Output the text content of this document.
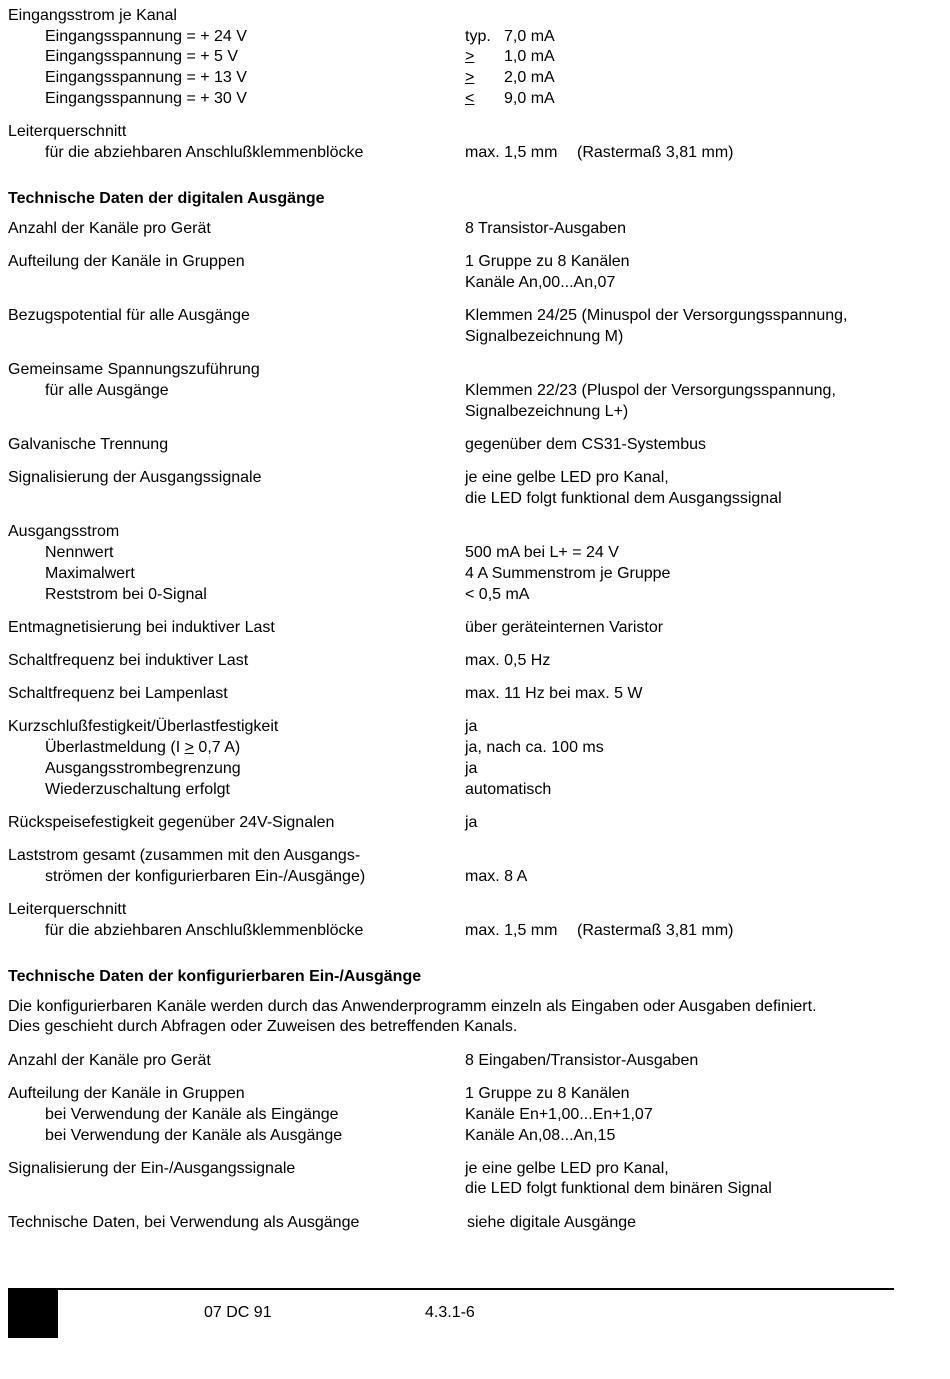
Eingangsstrom je Kanal
Eingangsspannung = + 24 V	typ. 7,0 mA
Eingangsspannung = + 5 V	> 1,0 mA
Eingangsspannung = + 13 V	> 2,0 mA
Eingangsspannung = + 30 V	< 9,0 mA
Leiterquerschnitt
für die abziehbaren Anschlußklemmenblöcke	max. 1,5 mm (Rastermaß 3,81 mm)
Technische Daten der digitalen Ausgänge
Anzahl der Kanäle pro Gerät	8 Transistor-Ausgaben
Aufteilung der Kanäle in Gruppen	1 Gruppe zu 8 Kanälen
Kanäle An,00...An,07
Bezugspotential für alle Ausgänge	Klemmen 24/25 (Minuspol der Versorgungsspannung,
Signalbezeichnung M)
Gemeinsame Spannungszuführung
für alle Ausgänge	Klemmen 22/23 (Pluspol der Versorgungsspannung,
Signalbezeichnung L+)
Galvanische Trennung	gegenüber dem CS31-Systembus
Signalisierung der Ausgangssignale	je eine gelbe LED pro Kanal,
die LED folgt funktional dem Ausgangssignal
Ausgangsstrom
Nennwert	500 mA bei L+ = 24 V
Maximalwert	4 A Summenstrom je Gruppe
Reststrom bei 0-Signal	< 0,5 mA
Entmagnetisierung bei induktiver Last	über geräteinternen Varistor
Schaltfrequenz bei induktiver Last	max. 0,5 Hz
Schaltfrequenz bei Lampenlast	max. 11 Hz bei max. 5 W
Kurzschlußfestigkeit/Überlastfestigkeit	ja
Überlastmeldung (I > 0,7 A)	ja, nach ca. 100 ms
Ausgangsstrombegrenzung	ja
Wiederzuschaltung erfolgt	automatisch
Rückspeisefestigkeit gegenüber 24V-Signalen	ja
Laststrom gesamt (zusammen mit den Ausgangs-
strömen der konfigurierbaren Ein-/Ausgänge)	max. 8 A
Leiterquerschnitt
für die abziehbaren Anschlußklemmenblöcke	max. 1,5 mm (Rastermaß 3,81 mm)
Technische Daten der konfigurierbaren Ein-/Ausgänge
Die konfigurierbaren Kanäle werden durch das Anwenderprogramm einzeln als Eingaben oder Ausgaben definiert.
Dies geschieht durch Abfragen oder Zuweisen des betreffenden Kanals.
Anzahl der Kanäle pro Gerät	8 Eingaben/Transistor-Ausgaben
Aufteilung der Kanäle in Gruppen	1 Gruppe zu 8 Kanälen
bei Verwendung der Kanäle als Eingänge	Kanäle En+1,00...En+1,07
bei Verwendung der Kanäle als Ausgänge	Kanäle An,08...An,15
Signalisierung der Ein-/Ausgangssignale	je eine gelbe LED pro Kanal,
die LED folgt funktional dem binären Signal
Technische Daten, bei Verwendung als Ausgänge	siehe digitale Ausgänge
07 DC 91	4.3.1-6
